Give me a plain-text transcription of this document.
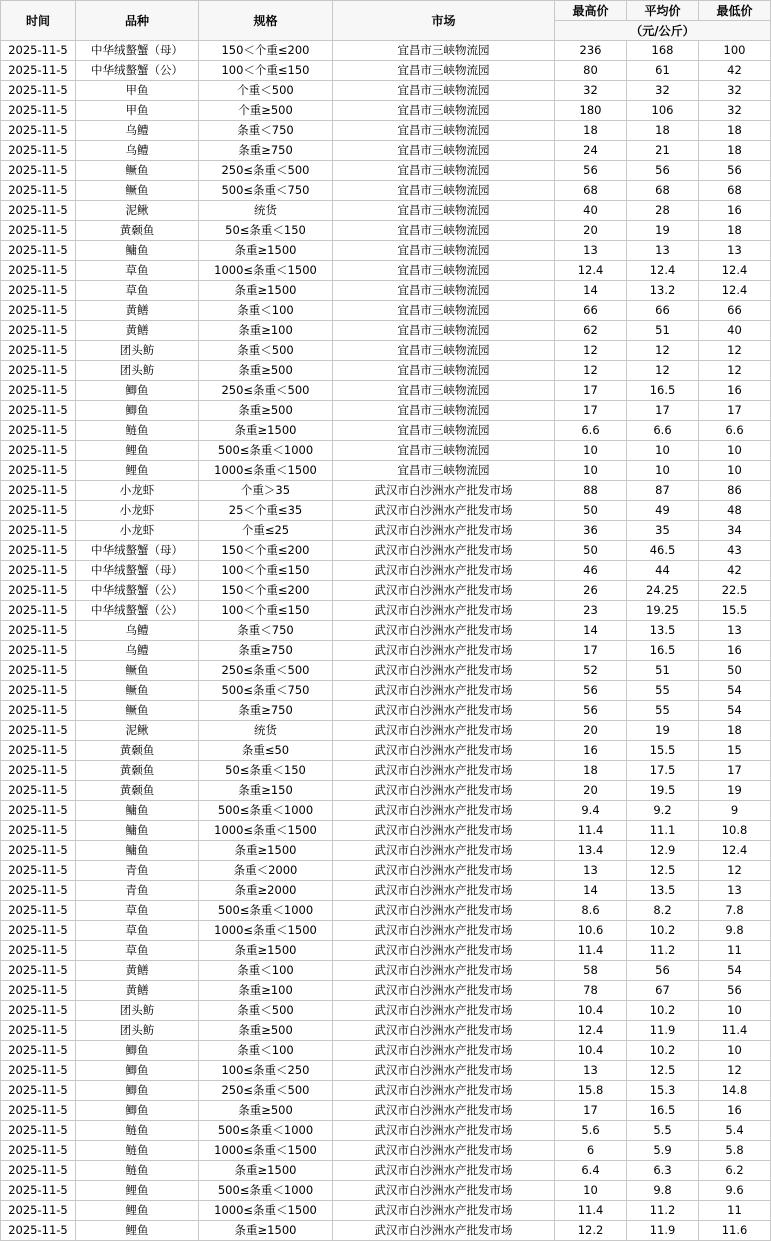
时间	品种	规格	市场	最高价	平均价	最低价
				（元/公斤）		
2025-11-5	中华绒螯蟹（母）	150＜个重≤200	宜昌市三峡物流园	236	168	100
2025-11-5	中华绒螯蟹（公）	100＜个重≤150	宜昌市三峡物流园	80	61	42
2025-11-5	甲鱼	个重＜500	宜昌市三峡物流园	32	32	32
2025-11-5	甲鱼	个重≥500	宜昌市三峡物流园	180	106	32
2025-11-5	乌鳢	条重＜750	宜昌市三峡物流园	18	18	18
2025-11-5	乌鳢	条重≥750	宜昌市三峡物流园	24	21	18
2025-11-5	鳜鱼	250≤条重＜500	宜昌市三峡物流园	56	56	56
2025-11-5	鳜鱼	500≤条重＜750	宜昌市三峡物流园	68	68	68
2025-11-5	泥鳅	统货	宜昌市三峡物流园	40	28	16
2025-11-5	黄颡鱼	50≤条重＜150	宜昌市三峡物流园	20	19	18
2025-11-5	鳙鱼	条重≥1500	宜昌市三峡物流园	13	13	13
2025-11-5	草鱼	1000≤条重＜1500	宜昌市三峡物流园	12.4	12.4	12.4
2025-11-5	草鱼	条重≥1500	宜昌市三峡物流园	14	13.2	12.4
2025-11-5	黄鳝	条重＜100	宜昌市三峡物流园	66	66	66
2025-11-5	黄鳝	条重≥100	宜昌市三峡物流园	62	51	40
2025-11-5	团头鲂	条重＜500	宜昌市三峡物流园	12	12	12
2025-11-5	团头鲂	条重≥500	宜昌市三峡物流园	12	12	12
2025-11-5	鲫鱼	250≤条重＜500	宜昌市三峡物流园	17	16.5	16
2025-11-5	鲫鱼	条重≥500	宜昌市三峡物流园	17	17	17
2025-11-5	鲢鱼	条重≥1500	宜昌市三峡物流园	6.6	6.6	6.6
2025-11-5	鲤鱼	500≤条重＜1000	宜昌市三峡物流园	10	10	10
2025-11-5	鲤鱼	1000≤条重＜1500	宜昌市三峡物流园	10	10	10
2025-11-5	小龙虾	个重＞35	武汉市白沙洲水产批发市场	88	87	86
2025-11-5	小龙虾	25＜个重≤35	武汉市白沙洲水产批发市场	50	49	48
2025-11-5	小龙虾	个重≤25	武汉市白沙洲水产批发市场	36	35	34
2025-11-5	中华绒螯蟹（母）	150＜个重≤200	武汉市白沙洲水产批发市场	50	46.5	43
2025-11-5	中华绒螯蟹（母）	100＜个重≤150	武汉市白沙洲水产批发市场	46	44	42
2025-11-5	中华绒螯蟹（公）	150＜个重≤200	武汉市白沙洲水产批发市场	26	24.25	22.5
2025-11-5	中华绒螯蟹（公）	100＜个重≤150	武汉市白沙洲水产批发市场	23	19.25	15.5
2025-11-5	乌鳢	条重＜750	武汉市白沙洲水产批发市场	14	13.5	13
2025-11-5	乌鳢	条重≥750	武汉市白沙洲水产批发市场	17	16.5	16
2025-11-5	鳜鱼	250≤条重＜500	武汉市白沙洲水产批发市场	52	51	50
2025-11-5	鳜鱼	500≤条重＜750	武汉市白沙洲水产批发市场	56	55	54
2025-11-5	鳜鱼	条重≥750	武汉市白沙洲水产批发市场	56	55	54
2025-11-5	泥鳅	统货	武汉市白沙洲水产批发市场	20	19	18
2025-11-5	黄颡鱼	条重≤50	武汉市白沙洲水产批发市场	16	15.5	15
2025-11-5	黄颡鱼	50≤条重＜150	武汉市白沙洲水产批发市场	18	17.5	17
2025-11-5	黄颡鱼	条重≥150	武汉市白沙洲水产批发市场	20	19.5	19
2025-11-5	鳙鱼	500≤条重＜1000	武汉市白沙洲水产批发市场	9.4	9.2	9
2025-11-5	鳙鱼	1000≤条重＜1500	武汉市白沙洲水产批发市场	11.4	11.1	10.8
2025-11-5	鳙鱼	条重≥1500	武汉市白沙洲水产批发市场	13.4	12.9	12.4
2025-11-5	青鱼	条重＜2000	武汉市白沙洲水产批发市场	13	12.5	12
2025-11-5	青鱼	条重≥2000	武汉市白沙洲水产批发市场	14	13.5	13
2025-11-5	草鱼	500≤条重＜1000	武汉市白沙洲水产批发市场	8.6	8.2	7.8
2025-11-5	草鱼	1000≤条重＜1500	武汉市白沙洲水产批发市场	10.6	10.2	9.8
2025-11-5	草鱼	条重≥1500	武汉市白沙洲水产批发市场	11.4	11.2	11
2025-11-5	黄鳝	条重＜100	武汉市白沙洲水产批发市场	58	56	54
2025-11-5	黄鳝	条重≥100	武汉市白沙洲水产批发市场	78	67	56
2025-11-5	团头鲂	条重＜500	武汉市白沙洲水产批发市场	10.4	10.2	10
2025-11-5	团头鲂	条重≥500	武汉市白沙洲水产批发市场	12.4	11.9	11.4
2025-11-5	鲫鱼	条重＜100	武汉市白沙洲水产批发市场	10.4	10.2	10
2025-11-5	鲫鱼	100≤条重＜250	武汉市白沙洲水产批发市场	13	12.5	12
2025-11-5	鲫鱼	250≤条重＜500	武汉市白沙洲水产批发市场	15.8	15.3	14.8
2025-11-5	鲫鱼	条重≥500	武汉市白沙洲水产批发市场	17	16.5	16
2025-11-5	鲢鱼	500≤条重＜1000	武汉市白沙洲水产批发市场	5.6	5.5	5.4
2025-11-5	鲢鱼	1000≤条重＜1500	武汉市白沙洲水产批发市场	6	5.9	5.8
2025-11-5	鲢鱼	条重≥1500	武汉市白沙洲水产批发市场	6.4	6.3	6.2
2025-11-5	鲤鱼	500≤条重＜1000	武汉市白沙洲水产批发市场	10	9.8	9.6
2025-11-5	鲤鱼	1000≤条重＜1500	武汉市白沙洲水产批发市场	11.4	11.2	11
2025-11-5	鲤鱼	条重≥1500	武汉市白沙洲水产批发市场	12.2	11.9	11.6
